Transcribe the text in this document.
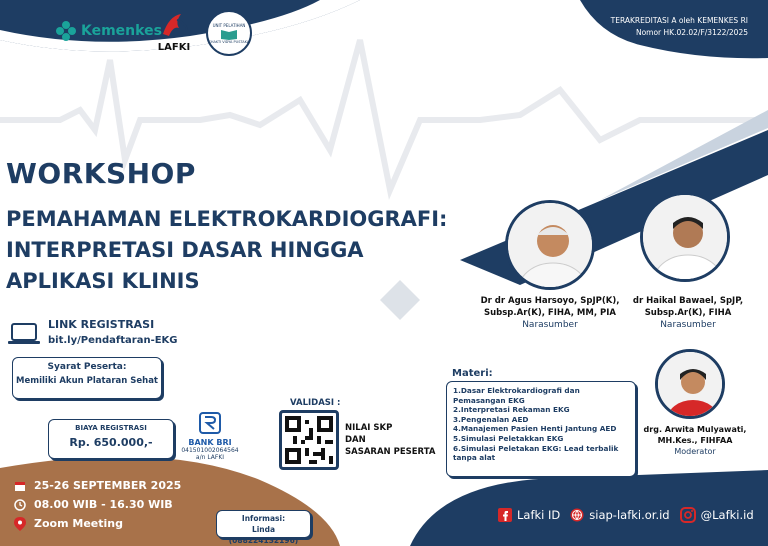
Kemenkes
LAFKI
UNIT PELATIHAN
SHAKTI VIDYA PUSTAKA
TERAKREDITASI A oleh KEMENKES RI
Nomor HK.02.02/F/3122/2025
WORKSHOP
PEMAHAMAN ELEKTROKARDIOGRAFI:
INTERPRETASI DASAR HINGGA
APLIKASI KLINIS
LINK REGISTRASI
bit.ly/Pendaftaran-EKG
Syarat Peserta:
Memiliki Akun Plataran Sehat
BIAYA REGISTRASI
Rp. 650.000,-	BANK BRI
041501002064564
a/n LAFKI
VALIDASI :
NILAI SKP
DAN
SASARAN PESERTA
Dr dr Agus Harsoyo, SpJP(K),
Subsp.Ar(K), FIHA, MM, PIA
Narasumber
dr Haikal Bawael, SpJP,
Subsp.Ar(K), FIHA
Narasumber
drg. Arwita Mulyawati,
MH.Kes., FIHFAA
Moderator
Materi:
1.Dasar Elektrokardiografi dan Pemasangan EKG
2.Interpretasi Rekaman EKG
3.Pengenalan AED
4.Manajemen Pasien Henti Jantung AED
5.Simulasi Peletakkan EKG
6.Simulasi Peletakan EKG: Lead terbalik tanpa alat
25-26 SEPTEMBER 2025
08.00 WIB - 16.30 WIB
Zoom Meeting	Informasi:
Linda (088224132196)
Lafki ID	siap-lafki.or.id	@Lafki.id
